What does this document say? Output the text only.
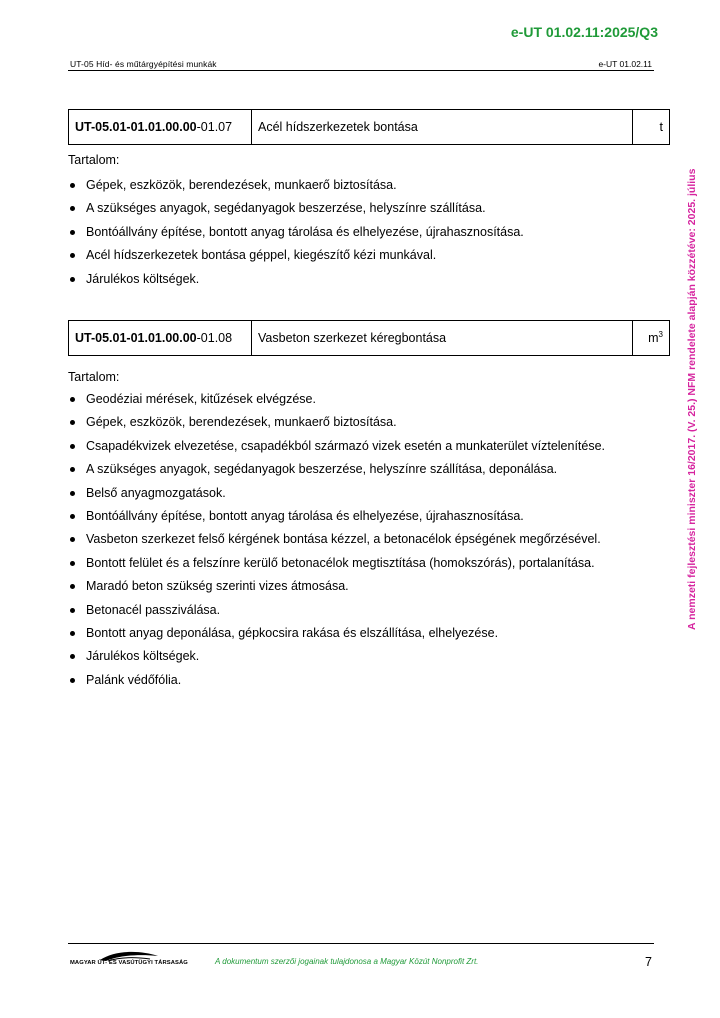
e-UT 01.02.11:2025/Q3
UT-05 Híd- és műtárgyépítési munkák	e-UT 01.02.11
UT-05.01-01.01.00.00-01.07	Acél hídszerkezetek bontása	t
Tartalom:
Gépek, eszközök, berendezések, munkaerő biztosítása.
A szükséges anyagok, segédanyagok beszerzése, helyszínre szállítása.
Bontóállvány építése, bontott anyag tárolása és elhelyezése, újrahasznosítása.
Acél hídszerkezetek bontása géppel, kiegészítő kézi munkával.
Járulékos költségek.
UT-05.01-01.01.00.00-01.08	Vasbeton szerkezet kéregbontása	$m^3$
Tartalom:
Geodéziai mérések, kitűzések elvégzése.
Gépek, eszközök, berendezések, munkaerő biztosítása.
Csapadékvizek elvezetése, csapadékból származó vizek esetén a munkaterület víztelenítése.
A szükséges anyagok, segédanyagok beszerzése, helyszínre szállítása, deponálása.
Belső anyagmozgatások.
Bontóállvány építése, bontott anyag tárolása és elhelyezése, újrahasznosítása.
Vasbeton szerkezet felső kérgének bontása kézzel, a betonacélok épségének megőrzésével.
Bontott felület és a felszínre kerülő betonacélok megtisztítása (homokszórás), portalanítása.
Maradó beton szükség szerinti vizes átmosása.
Betonacél passziválása.
Bontott anyag deponálása, gépkocsira rakása és elszállítása, elhelyezése.
Járulékos költségek.
Palánk védőfólia.
A nemzeti fejlesztési miniszter 16/2017. (V. 25.) NFM rendelete alapján közzétéve: 2025. július
MAGYAR ÚT- ÉS VASÚTÜGYI TÁRSASÁG	A dokumentum szerzői jogainak tulajdonosa a Magyar Közút Nonprofit Zrt.	7
